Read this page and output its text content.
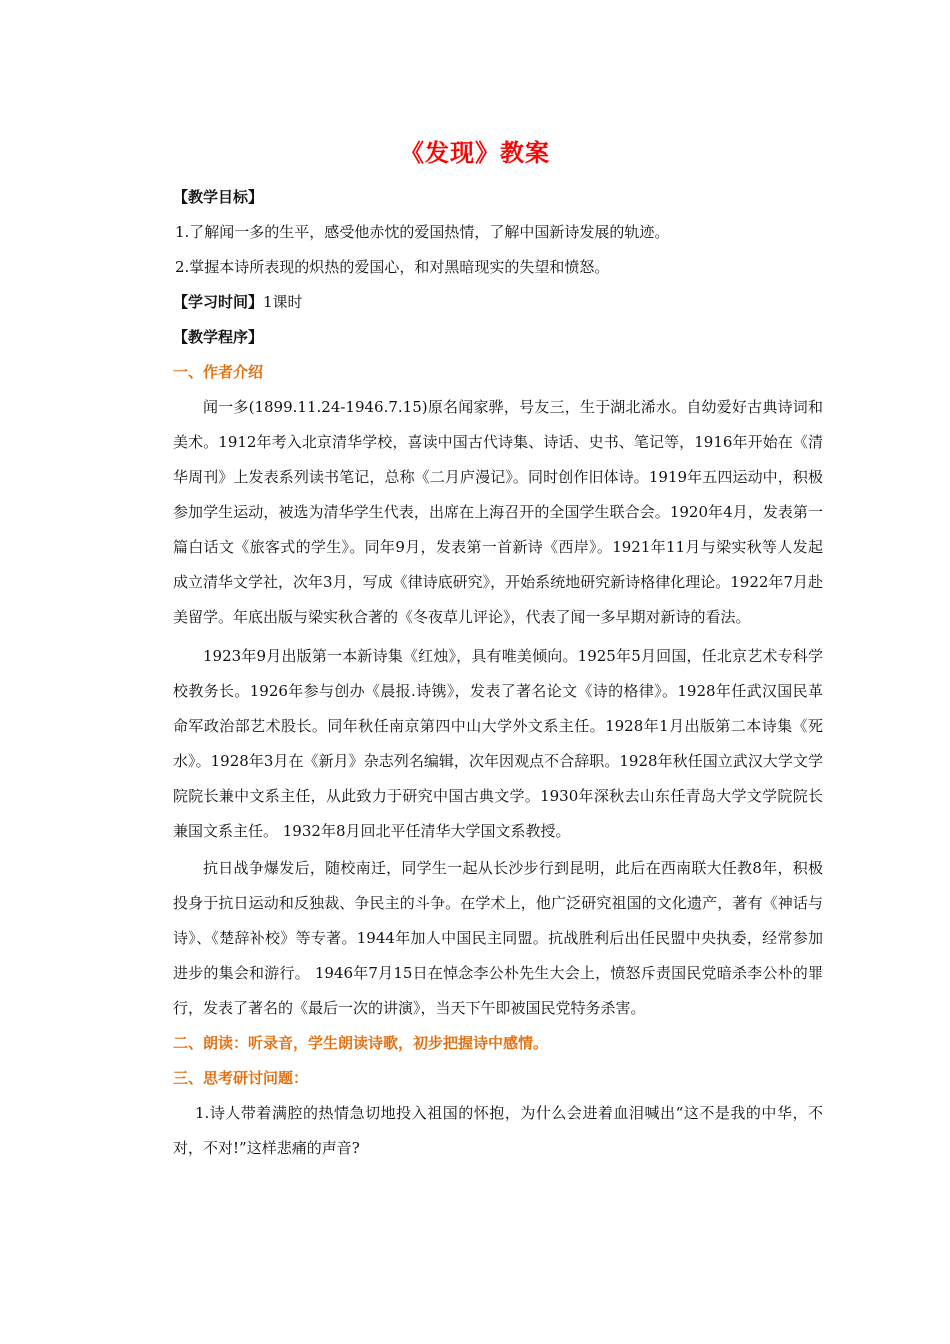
《发现》教案

【教学目标】

1.了解闻一多的生平，感受他赤忱的爱国热情，了解中国新诗发展的轨迹。

2.掌握本诗所表现的炽热的爱国心，和对黑暗现实的失望和愤怒。

【学习时间】1课时

【教学程序】

一、作者介绍

闻一多(1899.11.24-1946.7.15)原名闻家骅，号友三，生于湖北浠水。自幼爱好古典诗词和美术。1912年考入北京清华学校，喜读中国古代诗集、诗话、史书、笔记等，1916年开始在《清华周刊》上发表系列读书笔记，总称《二月庐漫记》。同时创作旧体诗。1919年五四运动中，积极参加学生运动，被选为清华学生代表，出席在上海召开的全国学生联合会。1920年4月，发表第一篇白话文《旅客式的学生》。同年9月，发表第一首新诗《西岸》。1921年11月与梁实秋等人发起成立清华文学社，次年3月，写成《律诗底研究》，开始系统地研究新诗格律化理论。1922年7月赴美留学。年底出版与梁实秋合著的《冬夜草儿评论》，代表了闻一多早期对新诗的看法。

1923年9月出版第一本新诗集《红烛》，具有唯美倾向。1925年5月回国，任北京艺术专科学校教务长。1926年参与创办《晨报.诗镌》，发表了著名论文《诗的格律》。1928年任武汉国民革命军政治部艺术股长。同年秋任南京第四中山大学外文系主任。1928年1月出版第二本诗集《死水》。1928年3月在《新月》杂志列名编辑，次年因观点不合辞职。1928年秋任国立武汉大学文学院院长兼中文系主任，从此致力于研究中国古典文学。1930年深秋去山东任青岛大学文学院院长兼国文系主任。 1932年8月回北平任清华大学国文系教授。

抗日战争爆发后，随校南迁，同学生一起从长沙步行到昆明，此后在西南联大任教8年，积极投身于抗日运动和反独裁、争民主的斗争。在学术上，他广泛研究祖国的文化遗产，著有《神话与诗》、《楚辞补校》等专著。1944年加人中国民主同盟。抗战胜利后出任民盟中央执委，经常参加进步的集会和游行。 1946年7月15日在悼念李公朴先生大会上，愤怒斥责国民党暗杀李公朴的罪行，发表了著名的《最后一次的讲演》，当天下午即被国民党特务杀害。

二、朗读：听录音，学生朗读诗歌，初步把握诗中感情。

三、思考研讨问题：

1.诗人带着满腔的热情急切地投入祖国的怀抱，为什么会进着血泪喊出“这不是我的中华，不对，不对!”这样悲痛的声音?
